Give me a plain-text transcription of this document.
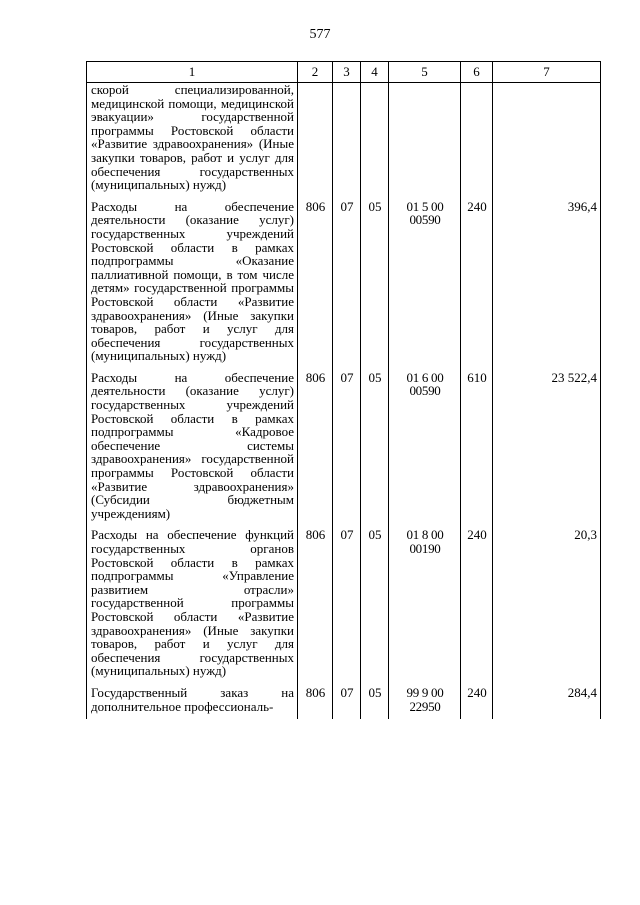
577
1	2	3	4	5	6	7
скорой специализированной, медицинской помощи, медицинской эвакуации» государственной программы Ростовской области «Развитие здравоохранения» (Иные закупки товаров, работ и услуг для обеспечения государственных (муниципальных) нужд)						
Расходы на обеспечение деятельности (оказание услуг) государственных учреждений Ростовской области в рамках подпрограммы «Оказание паллиативной помощи, в том числе детям» государственной программы Ростовской области «Развитие здравоохранения» (Иные закупки товаров, работ и услуг для обеспечения государственных (муниципальных) нужд)	806	07	05	01 5 00 00590	240	396,4
Расходы на обеспечение деятельности (оказание услуг) государственных учреждений Ростовской области в рамках подпрограммы «Кадровое обеспечение системы здравоохранения» государственной программы Ростовской области «Развитие здравоохранения» (Субсидии бюджетным учреждениям)	806	07	05	01 6 00 00590	610	23 522,4
Расходы на обеспечение функций государственных органов Ростовской области в рамках подпрограммы «Управление развитием отрасли» государственной программы Ростовской области «Развитие здравоохранения» (Иные закупки товаров, работ и услуг для обеспечения государственных (муниципальных) нужд)	806	07	05	01 8 00 00190	240	20,3
Государственный заказ на дополнительное профессиональ-	806	07	05	99 9 00 22950	240	284,4
